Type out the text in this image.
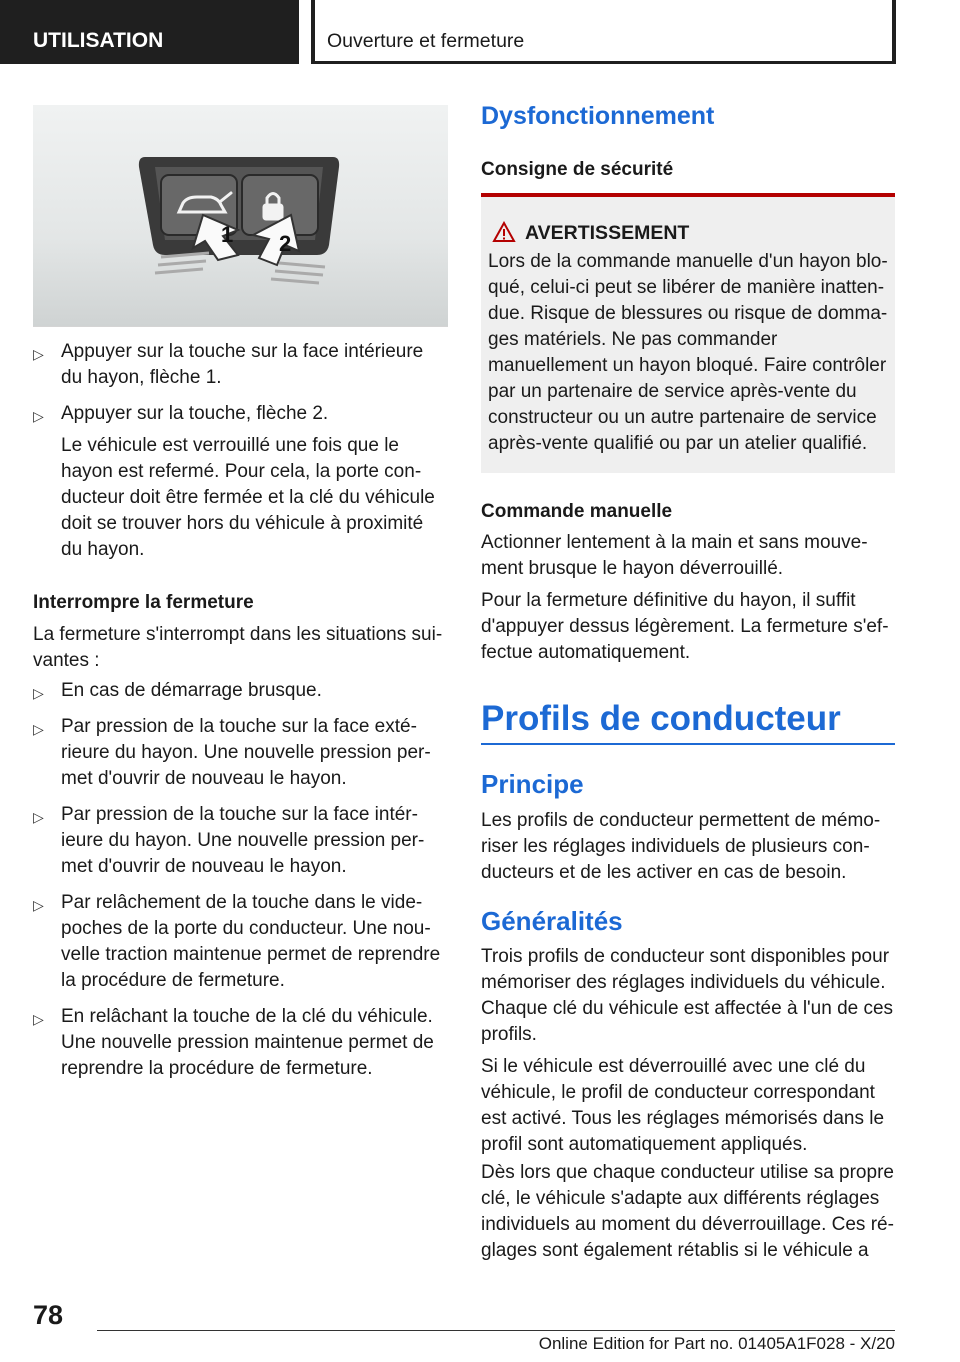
UTILISATION	Ouverture et fermeture
1 2
▷ Appuyer sur la touche sur la face intérieure du hayon, flèche 1.
▷ Appuyer sur la touche, flèche 2.
Le véhicule est verrouillé une fois que le hayon est refermé. Pour cela, la porte conducteur doit être fermée et la clé du véhicule doit se trouver hors du véhicule à proximité du hayon.
Interrompre la fermeture
La fermeture s'interrompt dans les situations suivantes :
▷ En cas de démarrage brusque.
▷ Par pression de la touche sur la face extérieure du hayon. Une nouvelle pression permet d'ouvrir de nouveau le hayon.
▷ Par pression de la touche sur la face intérieure du hayon. Une nouvelle pression permet d'ouvrir de nouveau le hayon.
▷ Par relâchement de la touche dans le vide-poches de la porte du conducteur. Une nouvelle traction maintenue permet de reprendre la procédure de fermeture.
▷ En relâchant la touche de la clé du véhicule. Une nouvelle pression maintenue permet de reprendre la procédure de fermeture.
Dysfonctionnement
Consigne de sécurité
AVERTISSEMENT
Lors de la commande manuelle d'un hayon bloqué, celui-ci peut se libérer de manière inattendue. Risque de blessures ou risque de dommages matériels. Ne pas commander manuellement un hayon bloqué. Faire contrôler par un partenaire de service après-vente du constructeur ou un autre partenaire de service après-vente qualifié ou par un atelier qualifié.
Commande manuelle
Actionner lentement à la main et sans mouvement brusque le hayon déverrouillé.
Pour la fermeture définitive du hayon, il suffit d'appuyer dessus légèrement. La fermeture s'effectue automatiquement.
Profils de conducteur
Principe
Les profils de conducteur permettent de mémoriser les réglages individuels de plusieurs conducteurs et de les activer en cas de besoin.
Généralités
Trois profils de conducteur sont disponibles pour mémoriser des réglages individuels du véhicule. Chaque clé du véhicule est affectée à l'un de ces profils.
Si le véhicule est déverrouillé avec une clé du véhicule, le profil de conducteur correspondant est activé. Tous les réglages mémorisés dans le profil sont automatiquement appliqués.
Dès lors que chaque conducteur utilise sa propre clé, le véhicule s'adapte aux différents réglages individuels au moment du déverrouillage. Ces réglages sont également rétablis si le véhicule a
78
Online Edition for Part no. 01405A1F028 - X/20
